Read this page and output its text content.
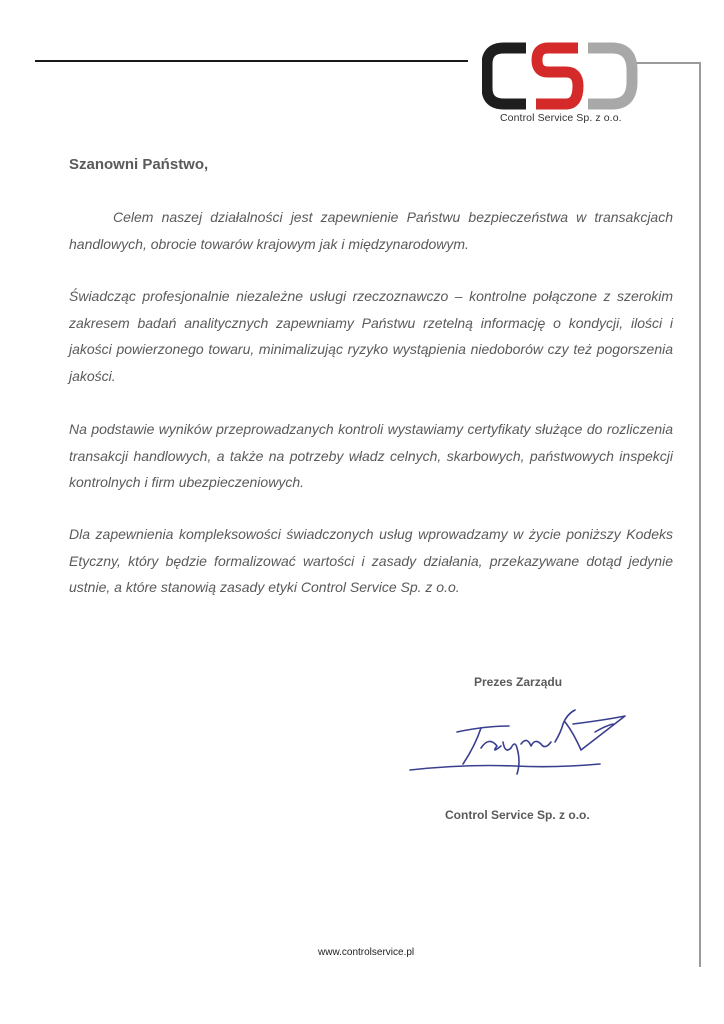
Control Service Sp. z o.o.
Szanowni Państwo,

Celem naszej działalności jest zapewnienie Państwu bezpieczeństwa w transakcjach handlowych, obrocie towarów krajowym jak i międzynarodowym.

Świadcząc profesjonalnie niezależne usługi rzeczoznawczo – kontrolne połączone z szerokim zakresem badań analitycznych zapewniamy Państwu rzetelną informację o kondycji, ilości i jakości powierzonego towaru, minimalizując ryzyko wystąpienia niedoborów czy też pogorszenia jakości.

Na podstawie wyników przeprowadzanych kontroli wystawiamy certyfikaty służące do rozliczenia transakcji handlowych, a także na potrzeby władz celnych, skarbowych, państwowych inspekcji kontrolnych i firm ubezpieczeniowych.

Dla zapewnienia kompleksowości świadczonych usług wprowadzamy w życie poniższy Kodeks Etyczny, który będzie formalizować wartości i zasady działania, przekazywane dotąd jedynie ustnie, a które stanowią zasady etyki Control Service Sp. z o.o.

Prezes Zarządu
Control Service Sp. z o.o.
www.controlservice.pl
